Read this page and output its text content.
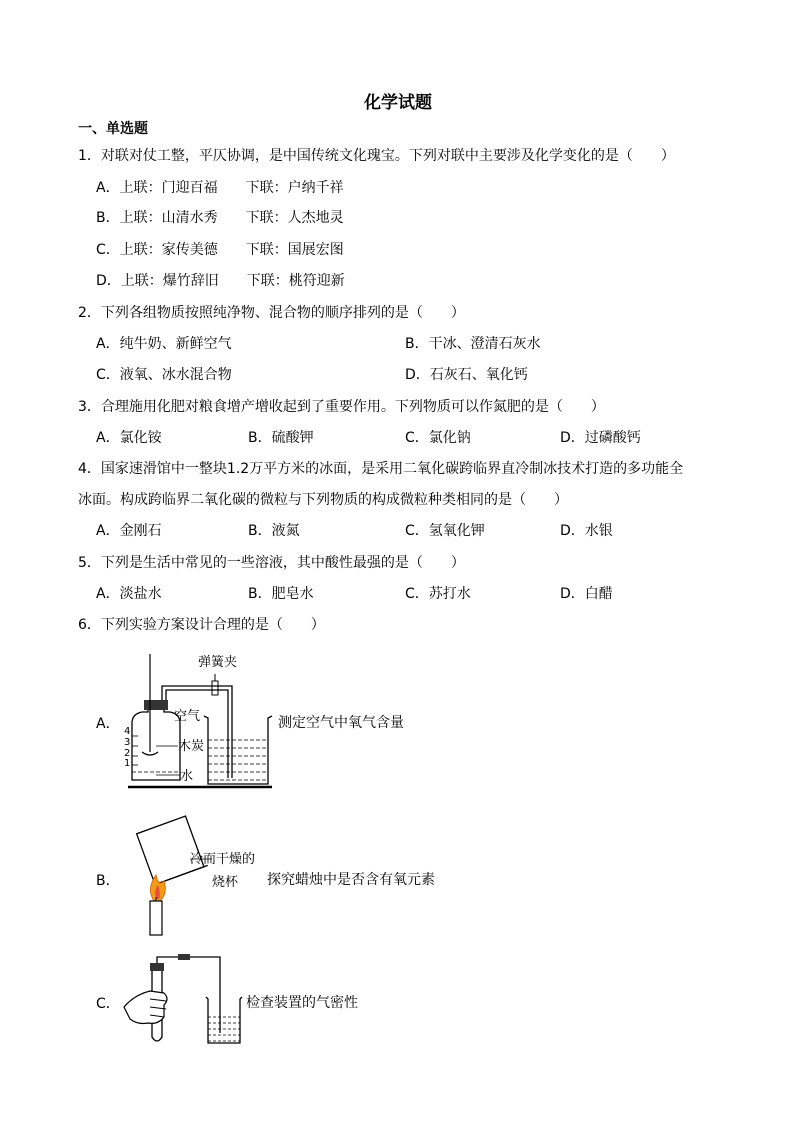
化学试题
一、单选题
1．对联对仗工整，平仄协调，是中国传统文化瑰宝。下列对联中主要涉及化学变化的是（　　）
A．上联：门迎百福　　下联：户纳千祥
B．上联：山清水秀　　下联：人杰地灵
C．上联：家传美德　　下联：国展宏图
D．上联：爆竹辞旧　　下联：桃符迎新
2．下列各组物质按照纯净物、混合物的顺序排列的是（　　）
A．纯牛奶、新鲜空气	B．干冰、澄清石灰水
C．液氧、冰水混合物	D．石灰石、氧化钙
3．合理施用化肥对粮食增产增收起到了重要作用。下列物质可以作氮肥的是（　　）
A．氯化铵	B．硫酸钾	C．氯化钠	D．过磷酸钙
4．国家速滑馆中一整块1.2万平方米的冰面，是采用二氧化碳跨临界直冷制冰技术打造的多功能全
冰面。构成跨临界二氧化碳的微粒与下列物质的构成微粒种类相同的是（　　）
A．金刚石	B．液氮	C．氢氧化钾	D．水银
5．下列是生活中常见的一些溶液，其中酸性最强的是（　　）
A．淡盐水	B．肥皂水	C．苏打水	D．白醋
6．下列实验方案设计合理的是（　　）
A． 4
3
2
1
弹簧夹
空气
木炭
水
测定空气中氧气含量
B．
冷而干燥的
烧杯 探究蜡烛中是否含有氧元素
C．	检查装置的气密性
